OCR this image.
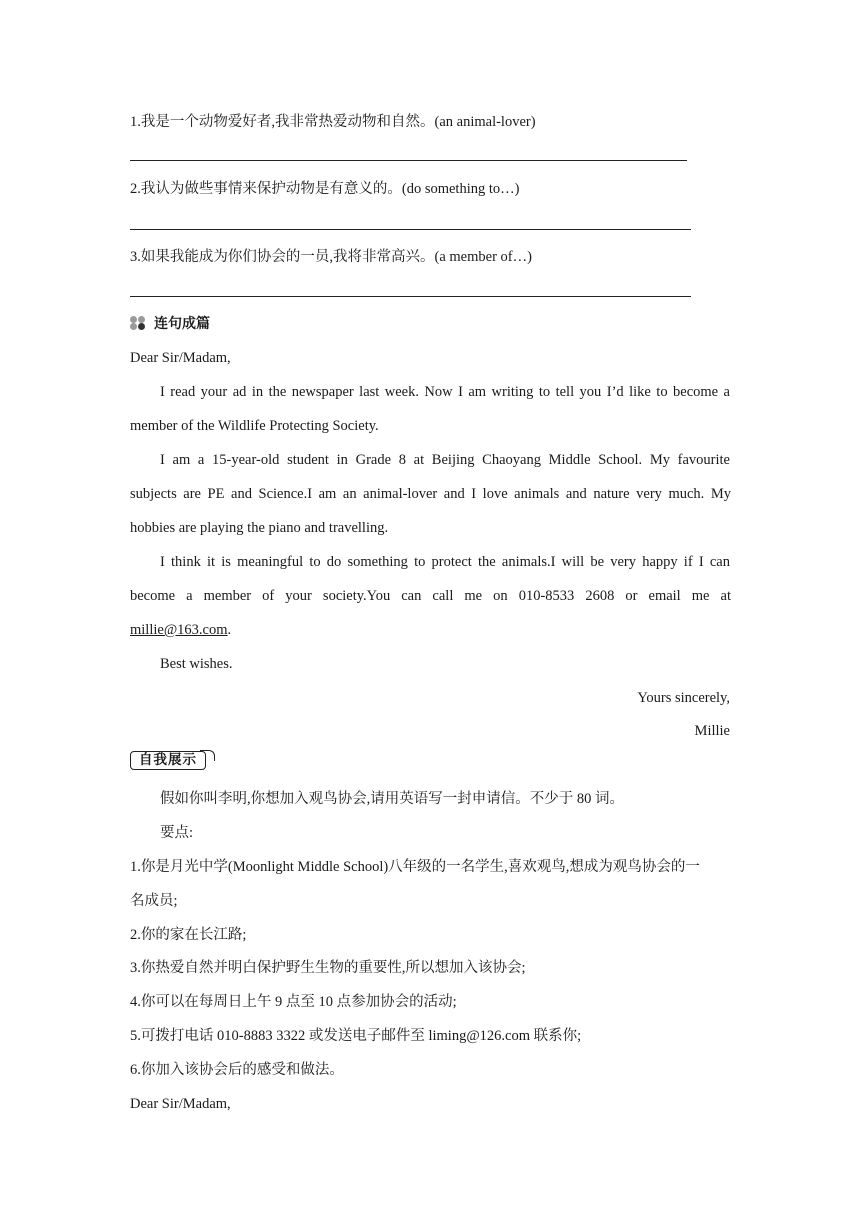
1.我是一个动物爱好者,我非常热爱动物和自然。(an animal-lover)
2.我认为做些事情来保护动物是有意义的。(do something to…)
3.如果我能成为你们协会的一员,我将非常高兴。(a member of…)
连句成篇
Dear Sir/Madam,
I read your ad in the newspaper last week. Now I am writing to tell you I’d like to become a
member of the Wildlife Protecting Society.
I am a 15-year-old student in Grade 8 at Beijing Chaoyang Middle School. My favourite
subjects are PE and Science.I am an animal-lover and I love animals and nature very much. My
hobbies are playing the piano and travelling.
I think it is meaningful to do something to protect the animals.I will be very happy if I can
become a member of your society.You can call me on 010-8533 2608 or email me at
millie@163.com.
Best wishes.
Yours sincerely,
Millie
自我展示
假如你叫李明,你想加入观鸟协会,请用英语写一封申请信。不少于 80 词。
要点:
1.你是月光中学(Moonlight Middle School)八年级的一名学生,喜欢观鸟,想成为观鸟协会的一
名成员;
2.你的家在长江路;
3.你热爱自然并明白保护野生生物的重要性,所以想加入该协会;
4.你可以在每周日上午 9 点至 10 点参加协会的活动;
5.可拨打电话 010-8883 3322 或发送电子邮件至 liming@126.com 联系你;
6.你加入该协会后的感受和做法。
Dear Sir/Madam,
